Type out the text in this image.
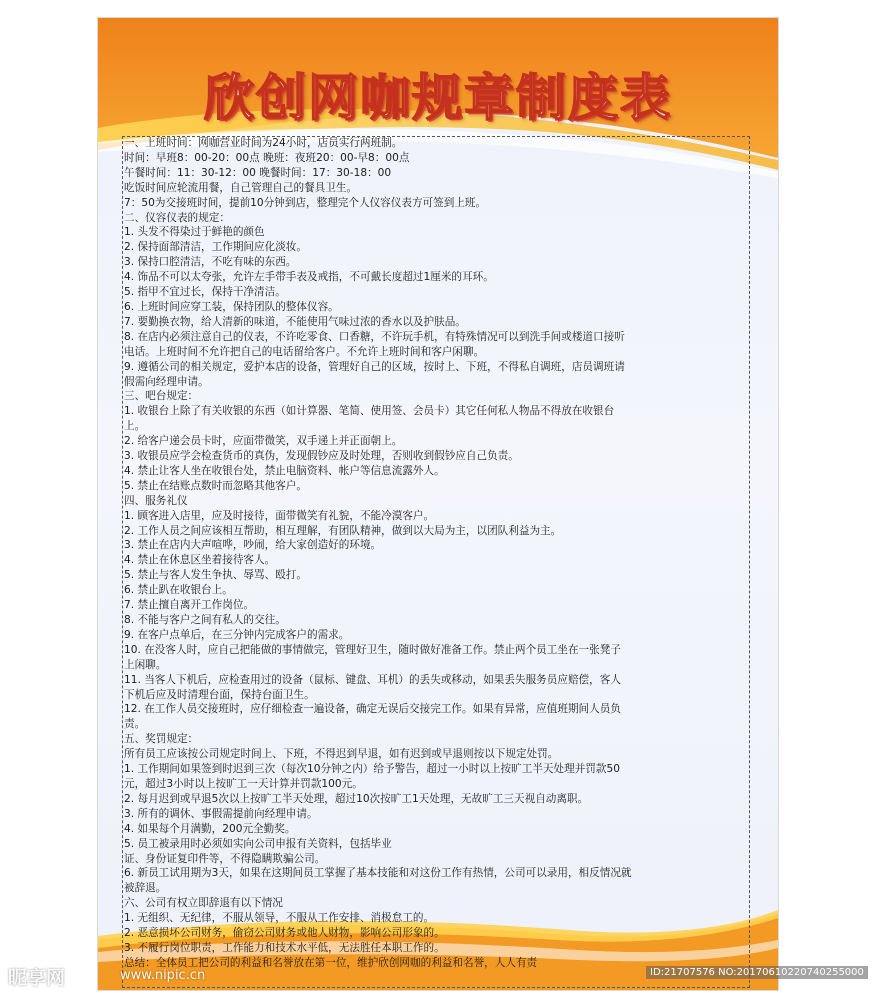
欣创网咖规章制度表
一、上班时间：网咖营业时间为24小时，店员实行两班制。
时间：早班8：00-20：00点 晚班：夜班20：00-早8：00点
午餐时间：11：30-12：00 晚餐时间：17：30-18：00
吃饭时间应轮流用餐，自己管理自己的餐具卫生。
7：50为交接班时间，提前10分钟到店，整理完个人仪容仪表方可签到上班。
二、仪容仪表的规定：
1. 头发不得染过于鲜艳的颜色
2. 保持面部清洁，工作期间应化淡妆。
3. 保持口腔清洁，不吃有味的东西。
4. 饰品不可以太夸张，允许左手带手表及戒指，不可戴长度超过1厘米的耳环。
5. 指甲不宜过长，保持干净清洁。
6. 上班时间应穿工装，保持团队的整体仪容。
7. 要勤换衣物，给人清新的味道，不能使用气味过浓的香水以及护肤品。
8. 在店内必须注意自己的仪表，不许吃零食、口香糖，不许玩手机，有特殊情况可以到洗手间或楼道口接听
电话。上班时间不允许把自己的电话留给客户。不允许上班时间和客户闲聊。
9. 遵循公司的相关规定，爱护本店的设备，管理好自己的区域，按时上、下班，不得私自调班，店员调班请
假需向经理申请。
三、吧台规定：
1. 收银台上除了有关收银的东西（如计算器、笔简、使用签、会员卡）其它任何私人物品不得放在收银台
上。
2. 给客户递会员卡时，应面带微笑，双手递上并正面朝上。
3. 收银员应学会检查货币的真伪，发现假钞应及时处理，否则收到假钞应自己负责。
4. 禁止让客人坐在收银台处，禁止电脑资料、帐户等信息流露外人。
5. 禁止在结账点数时而忽略其他客户。
四、服务礼仪
1. 顾客进入店里，应及时接待，面带微笑有礼貌，不能冷漠客户。
2. 工作人员之间应该相互帮助，相互理解，有团队精神，做到以大局为主，以团队利益为主。
3. 禁止在店内大声喧哗，吵闹，给大家创造好的环境。
4. 禁止在休息区坐着接待客人。
5. 禁止与客人发生争执、辱骂、殴打。
6. 禁止趴在收银台上。
7. 禁止擅自离开工作岗位。
8. 不能与客户之间有私人的交往。
9. 在客户点单后，在三分钟内完成客户的需求。
10. 在没客人时，应自己把能做的事情做完，管理好卫生，随时做好准备工作。禁止两个员工坐在一张凳子
上闲聊。
11. 当客人下机后，应检查用过的设备（鼠标、键盘、耳机）的丢失或移动，如果丢失服务员应赔偿，客人
下机后应及时清理台面，保持台面卫生。
12. 在工作人员交接班时，应仔细检查一遍设备，确定无误后交接完工作。如果有异常，应值班期间人员负
责。
五、奖罚规定：
所有员工应该按公司规定时间上、下班，不得迟到早退，如有迟到或早退则按以下规定处罚。
1. 工作期间如果签到时迟到三次（每次10分钟之内）给予警告，超过一小时以上按旷工半天处理并罚款50
元，超过3小时以上按旷工一天计算并罚款100元。
2. 每月迟到或早退5次以上按旷工半天处理，超过10次按旷工1天处理，无故旷工三天视自动离职。
3. 所有的调休、事假需提前向经理申请。
4. 如果每个月满勤，200元全勤奖。
5. 员工被录用时必须如实向公司申报有关资料，包括毕业
证、身份证复印件等，不得隐瞒欺骗公司。
6. 新员工试用期为3天，如果在这期间员工掌握了基本技能和对这份工作有热情，公司可以录用，相反情况就
被辞退。
六、公司有权立即辞退有以下情况
1. 无组织、无纪律，不服从领导，不服从工作安排、消极怠工的。
2. 恶意损坏公司财务，偷窃公司财务或他人财物，影响公司形象的。
3. 不履行岗位职责，工作能力和技术水平低，无法胜任本职工作的。
总结：全体员工把公司的利益和名誉放在第一位，维护欣创网咖的利益和名誉，人人有责
昵享网	www.nipic.cn	ID:21707576 NO:20170610220740255000
